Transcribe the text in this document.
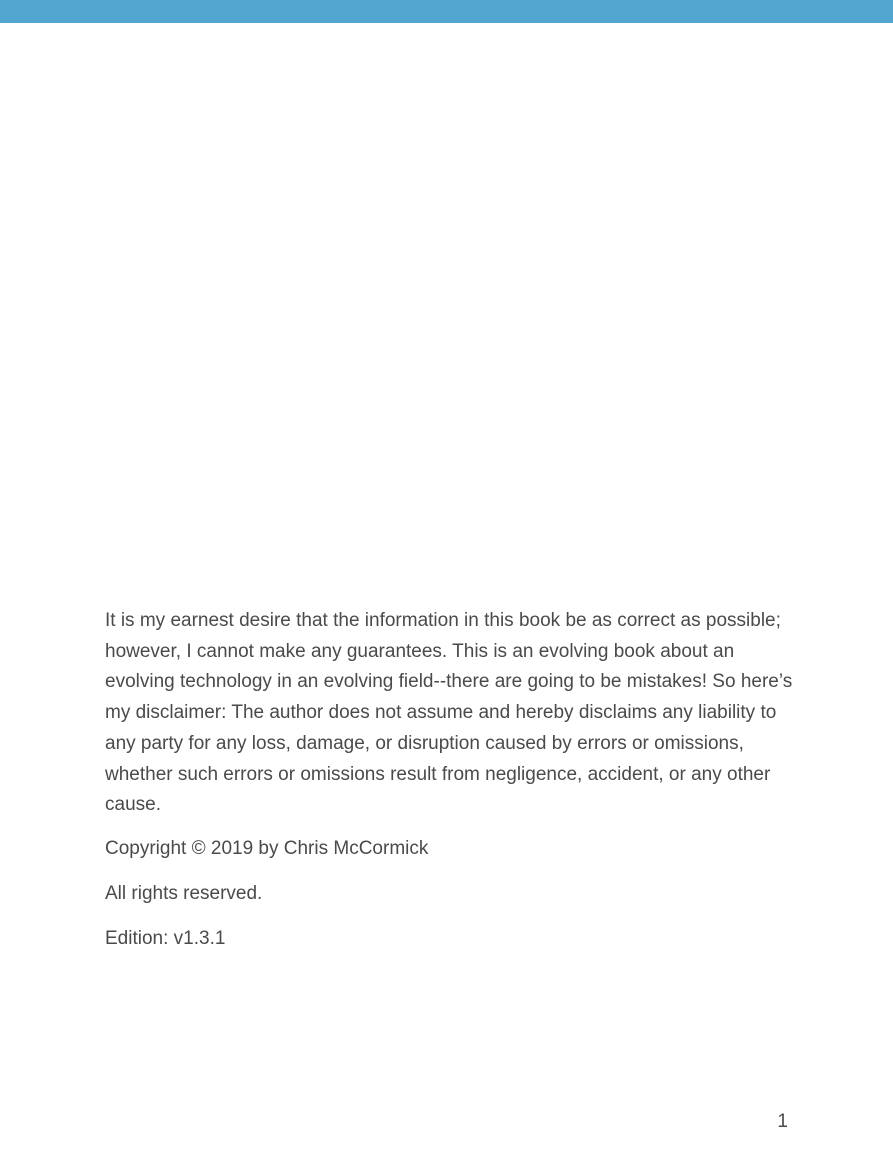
It is my earnest desire that the information in this book be as correct as possible; however, I cannot make any guarantees. This is an evolving book about an evolving technology in an evolving field--there are going to be mistakes! So here’s my disclaimer: The author does not assume and hereby disclaims any liability to any party for any loss, damage, or disruption caused by errors or omissions, whether such errors or omissions result from negligence, accident, or any other cause.

Copyright © 2019 by Chris McCormick

All rights reserved.

Edition: v1.3.1

1
